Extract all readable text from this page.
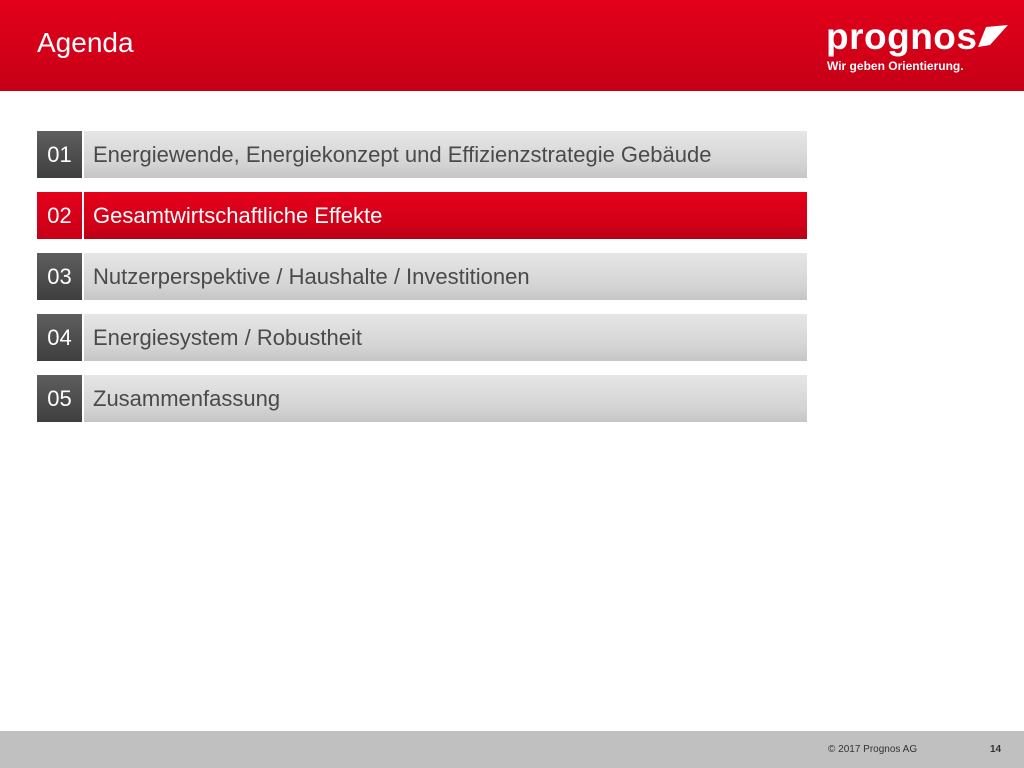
Agenda	prognos
Wir geben Orientierung.
01 Energiewende, Energiekonzept und Effizienzstrategie Gebäude
02 Gesamtwirtschaftliche Effekte
03 Nutzerperspektive / Haushalte / Investitionen
04 Energiesystem / Robustheit
05 Zusammenfassung
© 2017 Prognos AG	14
